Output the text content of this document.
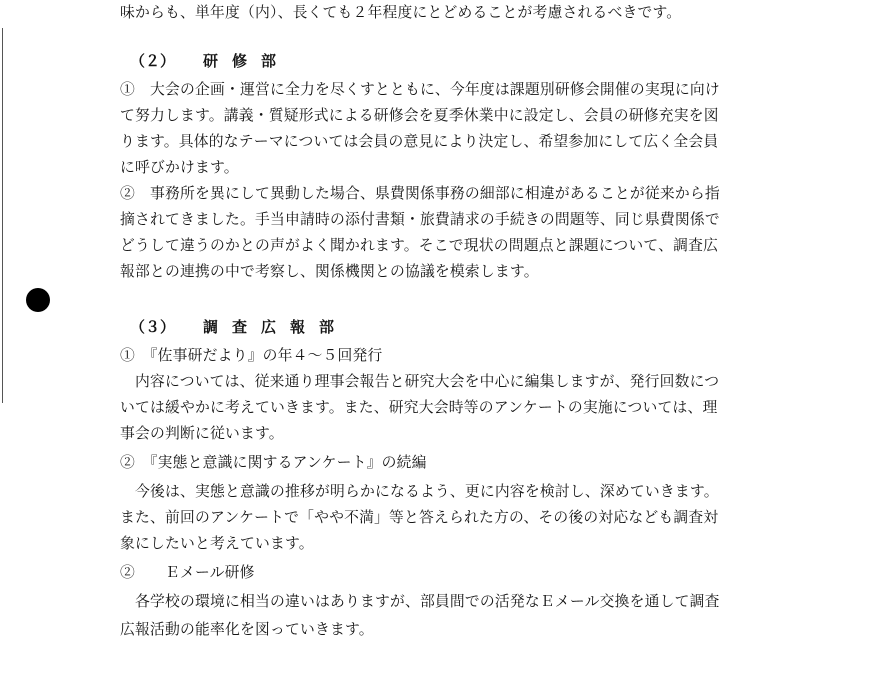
味からも、単年度（内）、長くても２年程度にとどめることが考慮されるべきです。
（２） 研修部
①　大会の企画・運営に全力を尽くすとともに、今年度は課題別研修会開催の実現に向け
て努力します。講義・質疑形式による研修会を夏季休業中に設定し、会員の研修充実を図
ります。具体的なテーマについては会員の意見により決定し、希望参加にして広く全会員
に呼びかけます。
②　事務所を異にして異動した場合、県費関係事務の細部に相違があることが従来から指
摘されてきました。手当申請時の添付書類・旅費請求の手続きの問題等、同じ県費関係で
どうして違うのかとの声がよく聞かれます。そこで現状の問題点と課題について、調査広
報部との連携の中で考察し、関係機関との協議を模索します。
（３） 調査広報部
①　『佐事研だより』の年４～５回発行
　内容については、従来通り理事会報告と研究大会を中心に編集しますが、発行回数につ
いては緩やかに考えていきます。また、研究大会時等のアンケートの実施については、理
事会の判断に従います。
②　『実態と意識に関するアンケート』の続編
　今後は、実態と意識の推移が明らかになるよう、更に内容を検討し、深めていきます。
また、前回のアンケートで「やや不満」等と答えられた方の、その後の対応なども調査対
象にしたいと考えています。
②　　Ｅメール研修
　各学校の環境に相当の違いはありますが、部員間での活発なＥメール交換を通して調査
広報活動の能率化を図っていきます。
